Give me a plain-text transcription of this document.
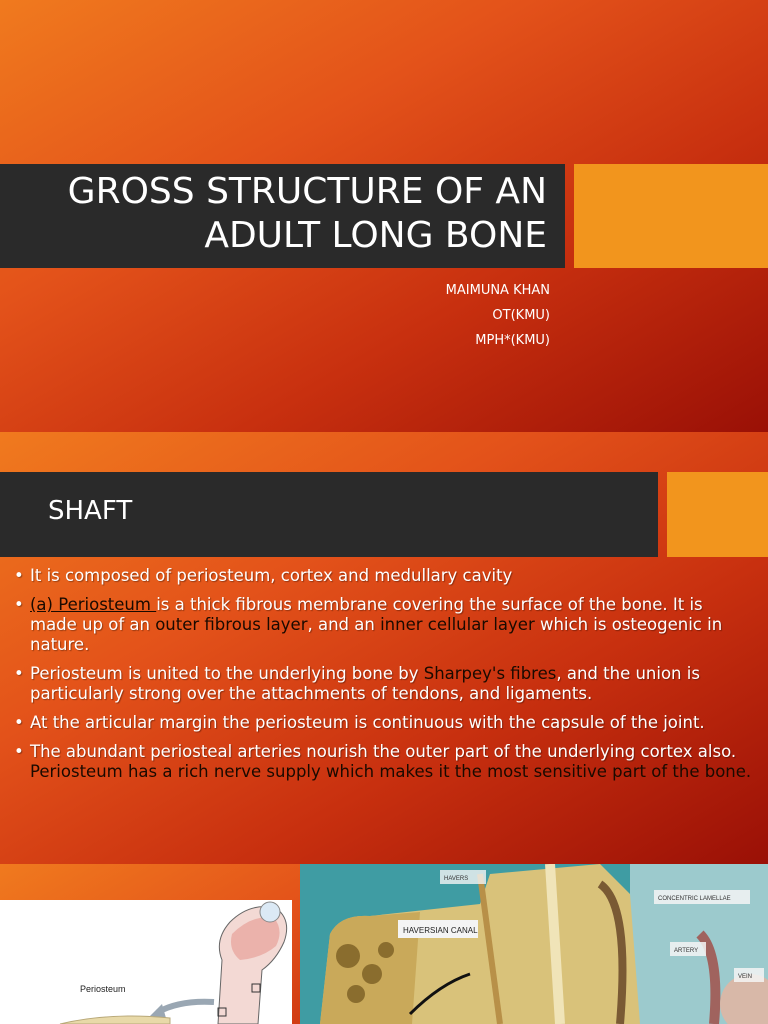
GROSS STRUCTURE OF AN
ADULT LONG BONE
MAIMUNA KHAN
OT(KMU)
MPH*(KMU)
SHAFT
• It is composed of periosteum, cortex and medullary cavity
• (a) Periosteum is a thick fibrous membrane covering the surface of the bone. It is made up of an outer fibrous layer, and an inner cellular layer which is osteogenic in nature.
• Periosteum is united to the underlying bone by Sharpey's fibres, and the union is particularly strong over the attachments of tendons, and ligaments.
• At the articular margin the periosteum is continuous with the capsule of the joint.
• The abundant periosteal arteries nourish the outer part of the underlying cortex also. Periosteum has a rich nerve supply which makes it the most sensitive part of the bone.
Periosteum
HAVERSIAN CANAL
HAVERS
CONCENTRIC LAMELLAE
ARTERY
VEIN
